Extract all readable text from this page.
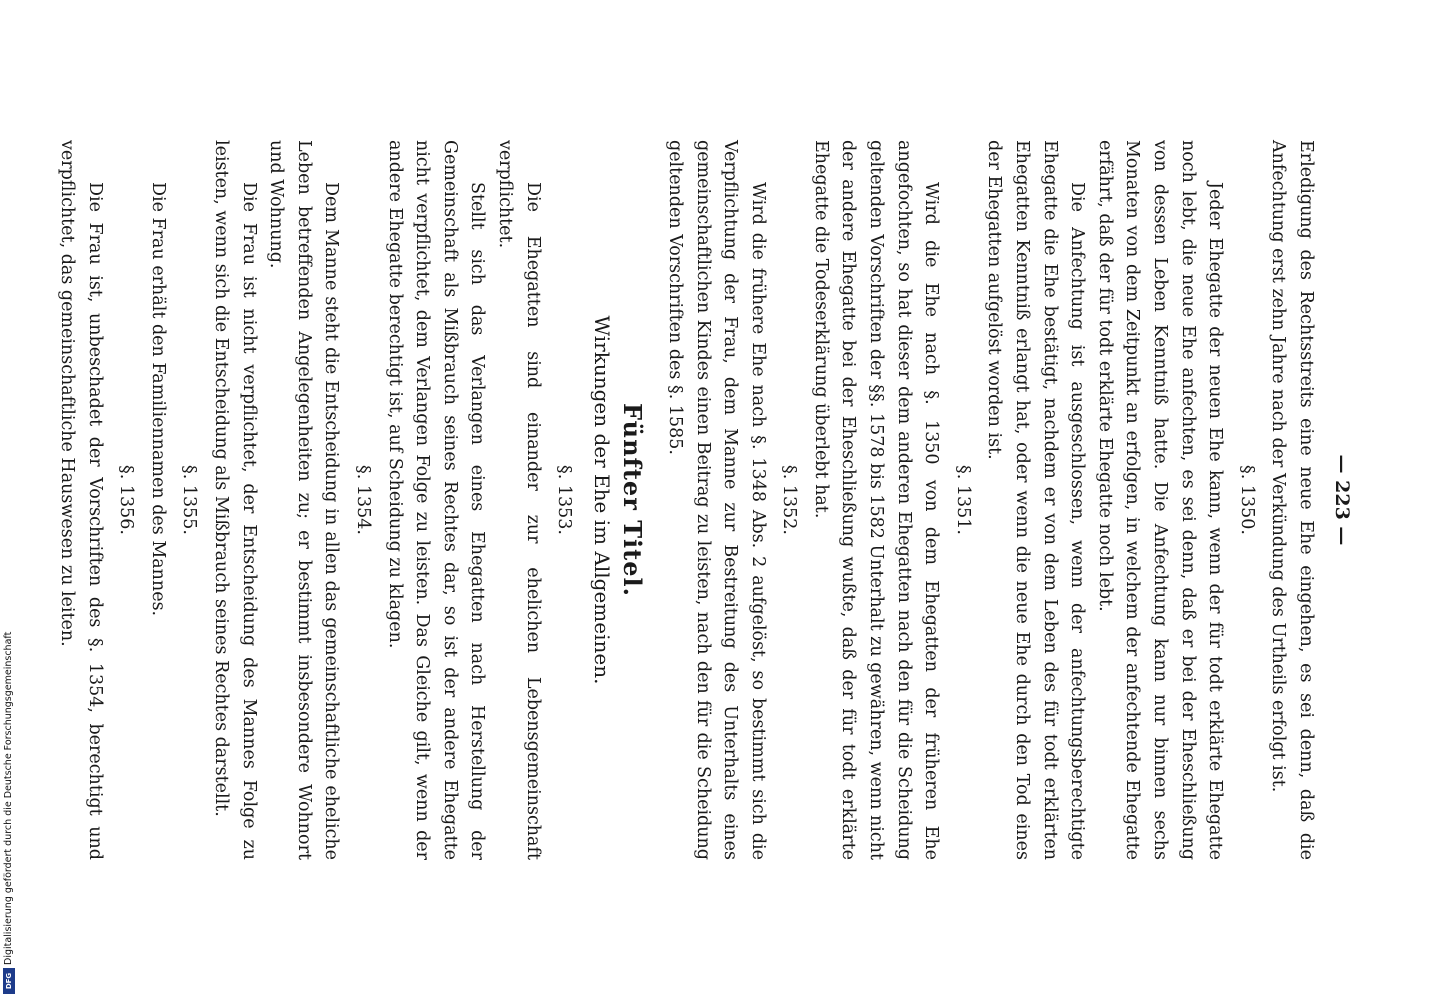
— 223 —

Erledigung des Rechtsstreits eine neue Ehe eingehen, es sei denn, daß die Anfechtung erst zehn Jahre nach der Verkündung des Urtheils erfolgt ist.

§. 1350.

Jeder Ehegatte der neuen Ehe kann, wenn der für todt erklärte Ehegatte noch lebt, die neue Ehe anfechten, es sei denn, daß er bei der Eheschließung von dessen Leben Kenntniß hatte. Die Anfechtung kann nur binnen sechs Monaten von dem Zeitpunkt an erfolgen, in welchem der anfechtende Ehegatte erfährt, daß der für todt erklärte Ehegatte noch lebt.

Die Anfechtung ist ausgeschlossen, wenn der anfechtungsberechtigte Ehegatte die Ehe bestätigt, nachdem er von dem Leben des für todt erklärten Ehegatten Kenntniß erlangt hat, oder wenn die neue Ehe durch den Tod eines der Ehegatten aufgelöst worden ist.

§. 1351.

Wird die Ehe nach §. 1350 von dem Ehegatten der früheren Ehe angefochten, so hat dieser dem anderen Ehegatten nach den für die Scheidung geltenden Vorschriften der §§. 1578 bis 1582 Unterhalt zu gewähren, wenn nicht der andere Ehegatte bei der Eheschließung wußte, daß der für todt erklärte Ehegatte die Todeserklärung überlebt hat.

§. 1352.

Wird die frühere Ehe nach §. 1348 Abs. 2 aufgelöst, so bestimmt sich die Verpflichtung der Frau, dem Manne zur Bestreitung des Unterhalts eines gemeinschaftlichen Kindes einen Beitrag zu leisten, nach den für die Scheidung geltenden Vorschriften des §. 1585.

Fünfter Titel.
Wirkungen der Ehe im Allgemeinen.
§. 1353.

Die Ehegatten sind einander zur ehelichen Lebensgemeinschaft verpflichtet.

Stellt sich das Verlangen eines Ehegatten nach Herstellung der Gemeinschaft als Mißbrauch seines Rechtes dar, so ist der andere Ehegatte nicht verpflichtet, dem Verlangen Folge zu leisten. Das Gleiche gilt, wenn der andere Ehegatte berechtigt ist, auf Scheidung zu klagen.

§. 1354.

Dem Manne steht die Entscheidung in allen das gemeinschaftliche eheliche Leben betreffenden Angelegenheiten zu; er bestimmt insbesondere Wohnort und Wohnung.

Die Frau ist nicht verpflichtet, der Entscheidung des Mannes Folge zu leisten, wenn sich die Entscheidung als Mißbrauch seines Rechtes darstellt.

§. 1355.

Die Frau erhält den Familiennamen des Mannes.

§. 1356.

Die Frau ist, unbeschadet der Vorschriften des §. 1354, berechtigt und verpflichtet, das gemeinschaftliche Hauswesen zu leiten.

Digitalisierung gefördert durch die Deutsche Forschungsgemeinschaft
DFG
